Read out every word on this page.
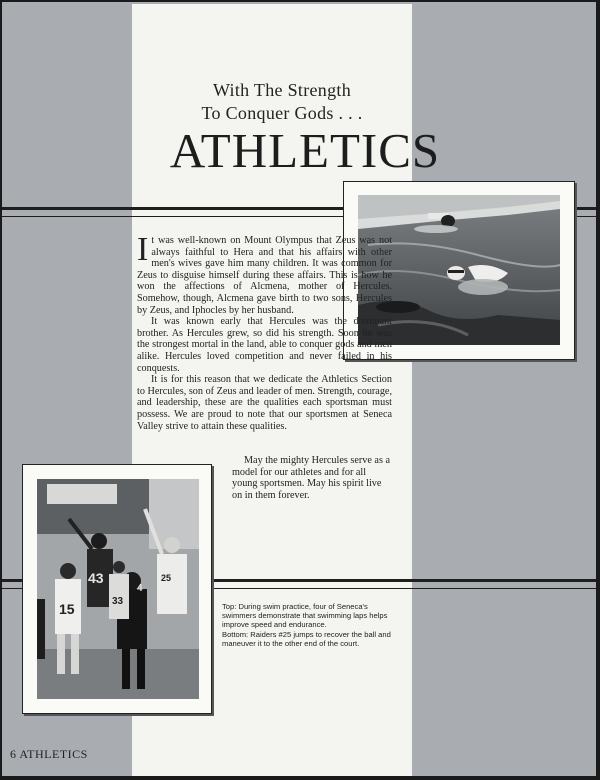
With The Strength
To Conquer Gods . . .
ATHLETICS
43
15
25
33
4

It was well-known on Mount Olympus that Zeus was not always faithful to Hera and that his affairs with other men's wives gave him many children. It was common for Zeus to disguise himself during these affairs. This is how he won the affections of Alcmena, mother of Hercules. Somehow, though, Alcmena gave birth to two sons, Hercules by Zeus, and Iphocles by her husband.

It was known early that Hercules was the dominant brother. As Hercules grew, so did his strength. Soon he was the strongest mortal in the land, able to conquer gods and men alike. Hercules loved competition and never failed in his conquests.

It is for this reason that we dedicate the Athletics Section to Hercules, son of Zeus and leader of men. Strength, courage, and leadership, these are the qualities each sportsman must possess. We are proud to note that our sportsmen at Seneca Valley strive to attain these qualities.

May the mighty Hercules serve as a model for our athletes and for all young sportsmen. May his spirit live on in them forever.

Top: During swim practice, four of Seneca's swimmers demonstrate that swimming laps helps improve speed and endurance.

Bottom: Raiders #25 jumps to recover the ball and maneuver it to the other end of the court.

6 ATHLETICS
